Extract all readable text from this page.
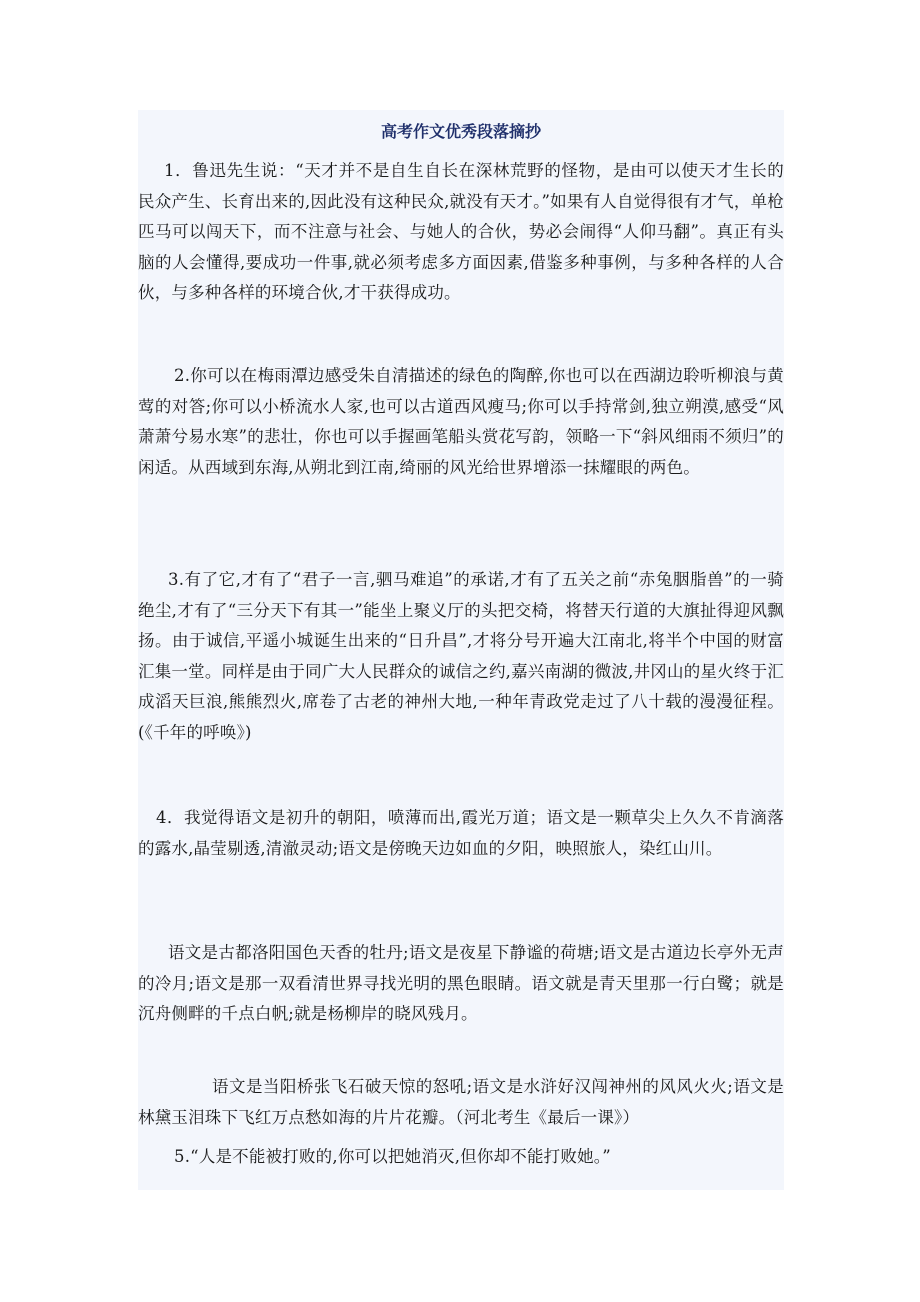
高考作文优秀段落摘抄

1．鲁迅先生说：“天才并不是自生自长在深林荒野的怪物，是由可以使天才生长的民众产生、长育出来的,因此没有这种民众,就没有天才。”如果有人自觉得很有才气，单枪匹马可以闯天下，而不注意与社会、与她人的合伙，势必会闹得“人仰马翻”。真正有头脑的人会懂得,要成功一件事,就必须考虑多方面因素,借鉴多种事例，与多种各样的人合伙，与多种各样的环境合伙,才干获得成功。

2.你可以在梅雨潭边感受朱自清描述的绿色的陶醉,你也可以在西湖边聆听柳浪与黄莺的对答;你可以小桥流水人家,也可以古道西风瘦马;你可以手持常剑,独立朔漠,感受“风萧萧兮易水寒”的悲壮，你也可以手握画笔船头赏花写韵，领略一下“斜风细雨不须归”的闲适。从西域到东海,从朔北到江南,绮丽的风光给世界增添一抹耀眼的两色。

3.有了它,才有了“君子一言,驷马难追”的承诺,才有了五关之前“赤兔胭脂兽”的一骑绝尘,才有了“三分天下有其一”能坐上聚义厅的头把交椅，将替天行道的大旗扯得迎风飘扬。由于诚信,平遥小城诞生出来的“日升昌”,才将分号开遍大江南北,将半个中国的财富汇集一堂。同样是由于同广大人民群众的诚信之约,嘉兴南湖的微波,井冈山的星火终于汇成滔天巨浪,熊熊烈火,席卷了古老的神州大地,一种年青政党走过了八十载的漫漫征程。(《千年的呼唤》)

4．我觉得语文是初升的朝阳，喷薄而出,霞光万道；语文是一颗草尖上久久不肯滴落的露水,晶莹剔透,清澈灵动;语文是傍晚天边如血的夕阳，映照旅人，染红山川。

语文是古都洛阳国色天香的牡丹;语文是夜星下静谧的荷塘;语文是古道边长亭外无声的冷月;语文是那一双看清世界寻找光明的黑色眼睛。语文就是青天里那一行白鹭；就是沉舟侧畔的千点白帆;就是杨柳岸的晓风残月。

语文是当阳桥张飞石破天惊的怒吼;语文是水浒好汉闯神州的风风火火;语文是林黛玉泪珠下飞红万点愁如海的片片花瓣。（河北考生《最后一课》）

5.“人是不能被打败的,你可以把她消灭,但你却不能打败她。”
